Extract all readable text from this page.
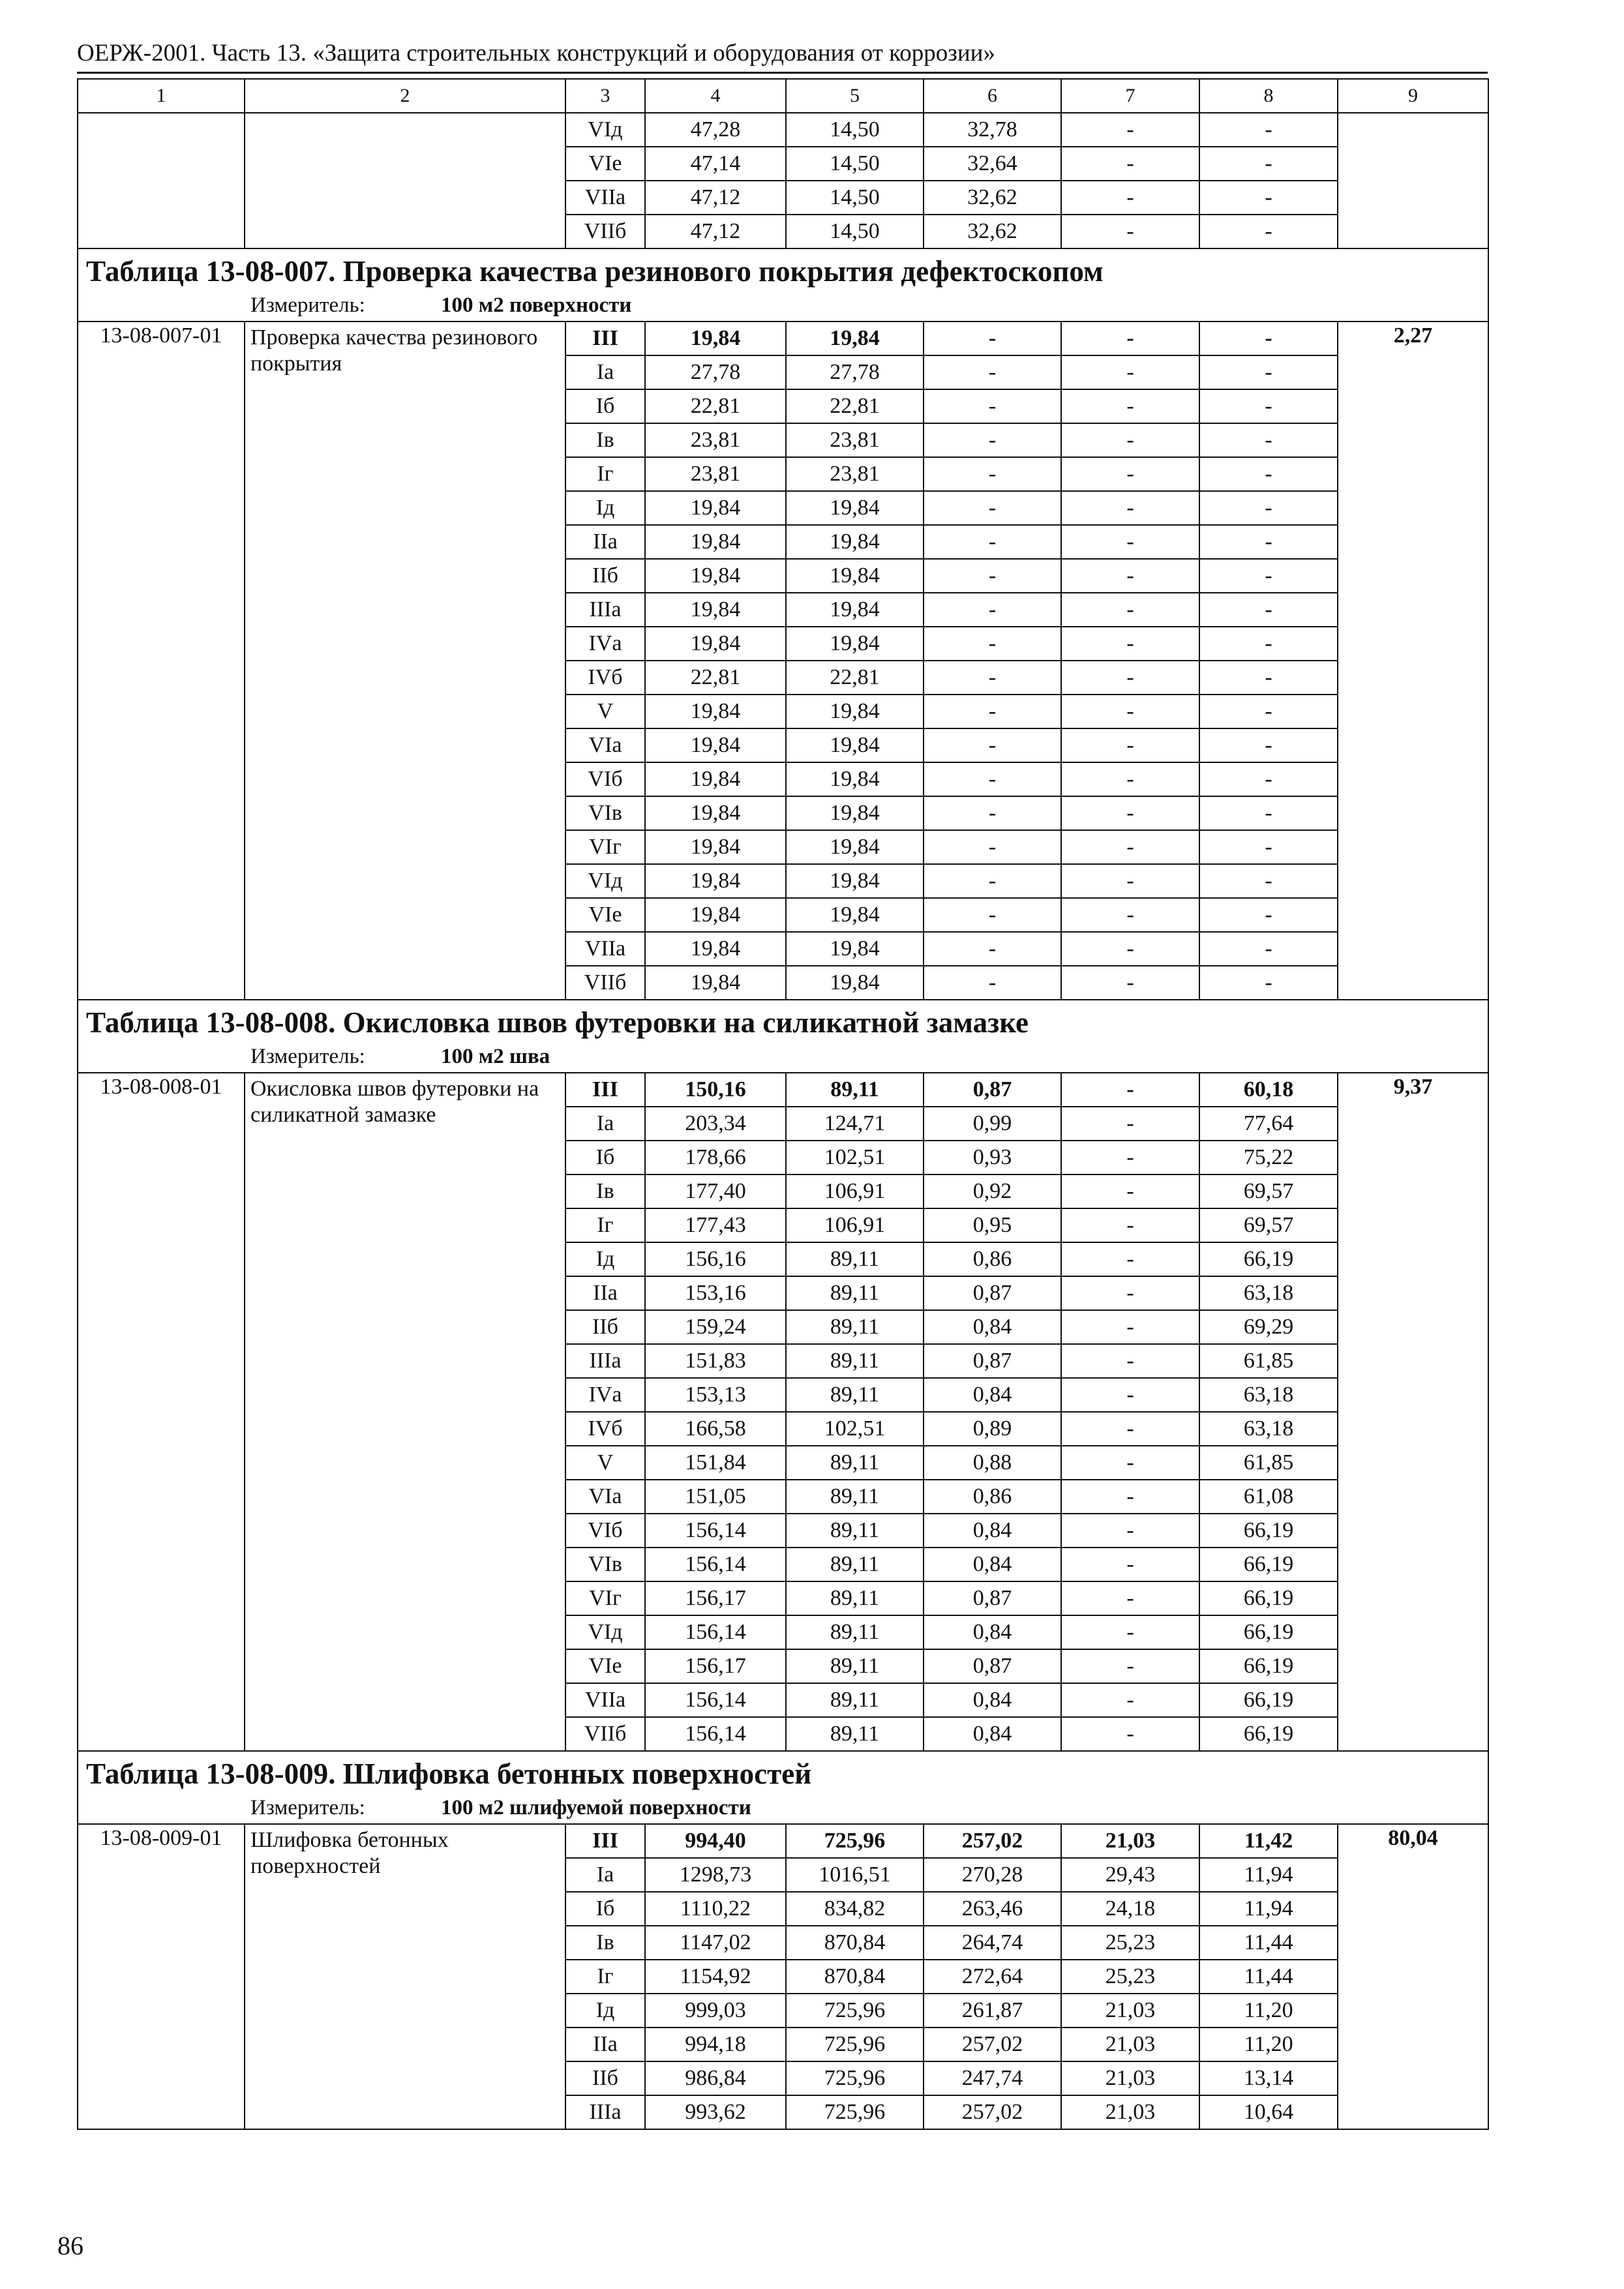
ОЕРЖ-2001. Часть 13. «Защита строительных конструкций и оборудования от коррозии»
1	2	3	4	5	6	7	8	9
		VIд	47,28	14,50	32,78	-	-	
		VIе	47,14	14,50	32,64	-	-	
		VIIа	47,12	14,50	32,62	-	-	
		VIIб	47,12	14,50	32,62	-	-	

Таблица 13-08-007. Проверка качества резинового покрытия дефектоскопом
Измеритель: 100 м2 поверхности								

13-08-007-01	Проверка качества резинового покрытия	III	19,84	19,84	-	-	-	2,27
		Iа	27,78	27,78	-	-	-	
		Iб	22,81	22,81	-	-	-	
		Iв	23,81	23,81	-	-	-	
		Iг	23,81	23,81	-	-	-	
		Iд	19,84	19,84	-	-	-	
		IIа	19,84	19,84	-	-	-	
		IIб	19,84	19,84	-	-	-	
		IIIа	19,84	19,84	-	-	-	
		IVа	19,84	19,84	-	-	-	
		IVб	22,81	22,81	-	-	-	
		V	19,84	19,84	-	-	-	
		VIа	19,84	19,84	-	-	-	
		VIб	19,84	19,84	-	-	-	
		VIв	19,84	19,84	-	-	-	
		VIг	19,84	19,84	-	-	-	
		VIд	19,84	19,84	-	-	-	
		VIе	19,84	19,84	-	-	-	
		VIIа	19,84	19,84	-	-	-	
		VIIб	19,84	19,84	-	-	-	

Таблица 13-08-008. Окисловка швов футеровки на силикатной замазке
Измеритель: 100 м2 шва								

13-08-008-01	Окисловка швов футеровки на силикатной замазке	III	150,16	89,11	0,87	-	60,18	9,37
		Iа	203,34	124,71	0,99	-	77,64	
		Iб	178,66	102,51	0,93	-	75,22	
		Iв	177,40	106,91	0,92	-	69,57	
		Iг	177,43	106,91	0,95	-	69,57	
		Iд	156,16	89,11	0,86	-	66,19	
		IIа	153,16	89,11	0,87	-	63,18	
		IIб	159,24	89,11	0,84	-	69,29	
		IIIа	151,83	89,11	0,87	-	61,85	
		IVа	153,13	89,11	0,84	-	63,18	
		IVб	166,58	102,51	0,89	-	63,18	
		V	151,84	89,11	0,88	-	61,85	
		VIа	151,05	89,11	0,86	-	61,08	
		VIб	156,14	89,11	0,84	-	66,19	
		VIв	156,14	89,11	0,84	-	66,19	
		VIг	156,17	89,11	0,87	-	66,19	
		VIд	156,14	89,11	0,84	-	66,19	
		VIе	156,17	89,11	0,87	-	66,19	
		VIIа	156,14	89,11	0,84	-	66,19	
		VIIб	156,14	89,11	0,84	-	66,19	

Таблица 13-08-009. Шлифовка бетонных поверхностей
Измеритель: 100 м2 шлифуемой поверхности								

13-08-009-01	Шлифовка бетонных поверхностей	III	994,40	725,96	257,02	21,03	11,42	80,04
		Iа	1298,73	1016,51	270,28	29,43	11,94	
		Iб	1110,22	834,82	263,46	24,18	11,94	
		Iв	1147,02	870,84	264,74	25,23	11,44	
		Iг	1154,92	870,84	272,64	25,23	11,44	
		Iд	999,03	725,96	261,87	21,03	11,20	
		IIа	994,18	725,96	257,02	21,03	11,20	
		IIб	986,84	725,96	247,74	21,03	13,14	
		IIIа	993,62	725,96	257,02	21,03	10,64	
86
